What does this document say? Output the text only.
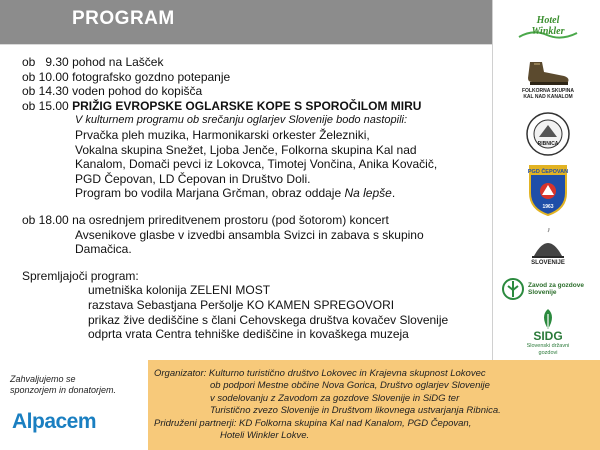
PROGRAM
ob   9.30 pohod na Lašček
ob 10.00 fotografsko gozdno potepanje
ob 14.30 voden pohod do kopišča
ob 15.00 PRIŽIG EVROPSKE OGLARSKE KOPE S SPOROČILOM MIRU
V kulturnem programu ob srečanju oglarjev Slovenije bodo nastopili:
Prvačka pleh muzika, Harmonikarski orkester Železniki,
Vokalna skupina Snežet, Ljoba Jenče, Folkorna skupina Kal nad
Kanalom, Domači pevci iz Lokovca, Timotej Vončina, Anika Kovačič,
PGD Čepovan, LD Čepovan in Društvo Doli.
Program bo vodila Marjana Grčman, obraz oddaje Na lepše.
ob 18.00 na osrednjem prireditvenem prostoru (pod šotorom) koncert
Avsenikove glasbe v izvedbi ansambla Svizci in zabava s skupino
Damačica.
Spremljajoči program:
umetniška kolonija ZELENI MOST
razstava Sebastjana Peršolje KO KAMEN SPREGOVORI
prikaz žive dediščine s člani Cehovskega društva kovačev Slovenije
odprta vrata Centra tehniške dediščine in kovaškega muzeja
Hotel
Winkler
FOLKORNA SKUPINA KAL NAD KANALOM
RIBNICA
PGD ČEPOVAN
1963
SLOVENIJE
Zavod za gozdove
Slovenije
SIDG
Slovenski državni
gozdovi
Zahvaljujemo se
sponzorjem in donatorjem.
Alpacem
Organizator: Kulturno turistično društvo Lokovec in Krajevna skupnost Lokovec
ob podpori Mestne občine Nova Gorica, Društvo oglarjev Slovenije
v sodelovanju z Zavodom za gozdove Slovenije in SiDG ter
Turistično zvezo Slovenije in Društvom likovnega ustvarjanja Ribnica.
Pridruženi partnerji: KD Folkorna skupina Kal nad Kanalom, PGD Čepovan,
Hoteli Winkler Lokve.
